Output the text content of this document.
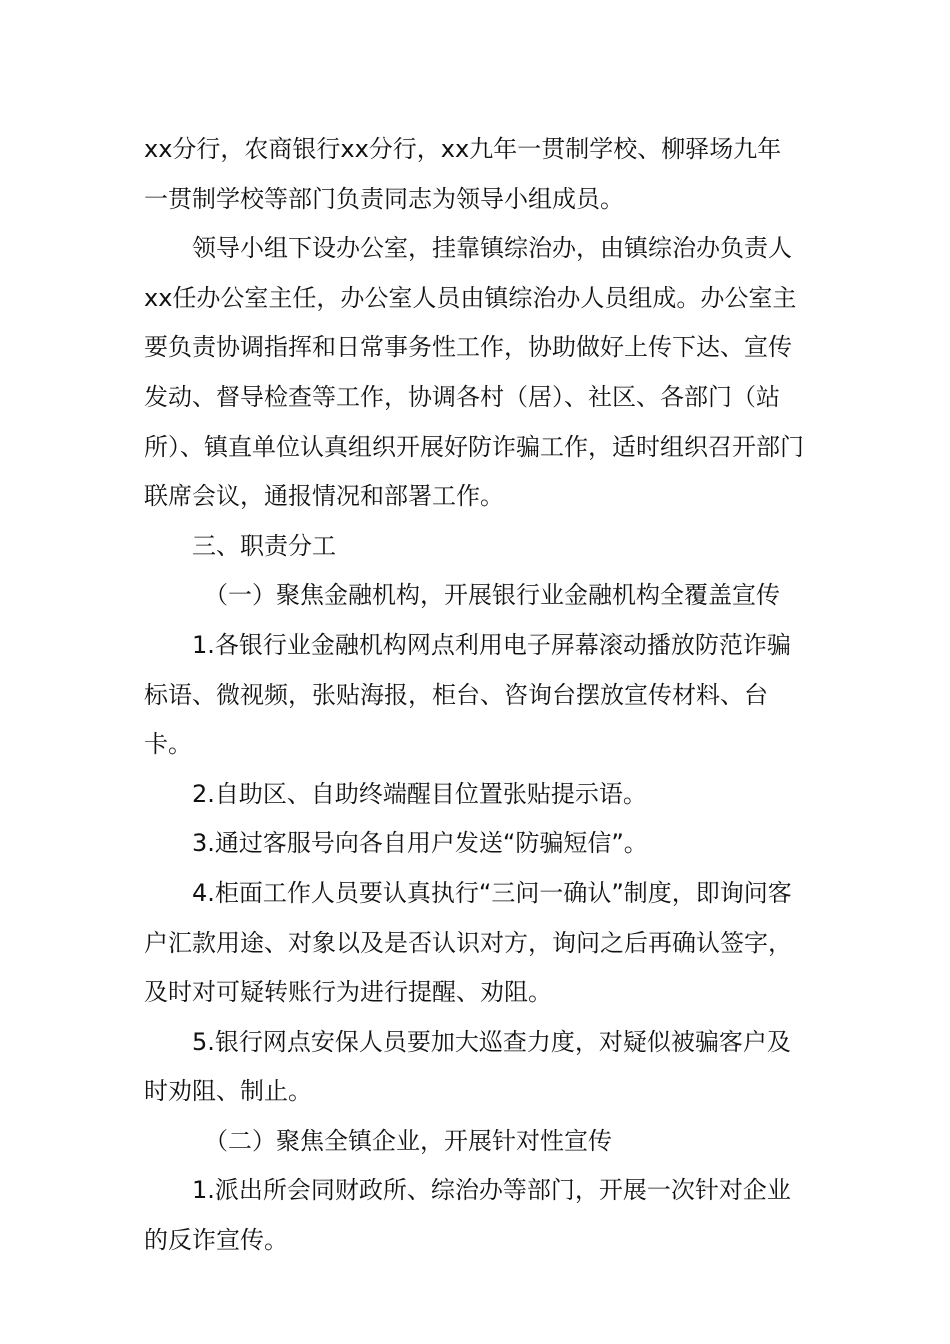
xx分行，农商银行xx分行，xx九年一贯制学校、柳驿场九年一贯制学校等部门负责同志为领导小组成员。

领导小组下设办公室，挂靠镇综治办，由镇综治办负责人xx任办公室主任，办公室人员由镇综治办人员组成。办公室主要负责协调指挥和日常事务性工作，协助做好上传下达、宣传发动、督导检查等工作，协调各村（居）、社区、各部门（站所）、镇直单位认真组织开展好防诈骗工作，适时组织召开部门联席会议，通报情况和部署工作。

三、职责分工

（一）聚焦金融机构，开展银行业金融机构全覆盖宣传

1.各银行业金融机构网点利用电子屏幕滚动播放防范诈骗标语、微视频，张贴海报，柜台、咨询台摆放宣传材料、台卡。

2.自助区、自助终端醒目位置张贴提示语。

3.通过客服号向各自用户发送“防骗短信”。

4.柜面工作人员要认真执行“三问一确认”制度，即询问客户汇款用途、对象以及是否认识对方，询问之后再确认签字，及时对可疑转账行为进行提醒、劝阻。

5.银行网点安保人员要加大巡查力度，对疑似被骗客户及时劝阻、制止。

（二）聚焦全镇企业，开展针对性宣传

1.派出所会同财政所、综治办等部门，开展一次针对企业的反诈宣传。
